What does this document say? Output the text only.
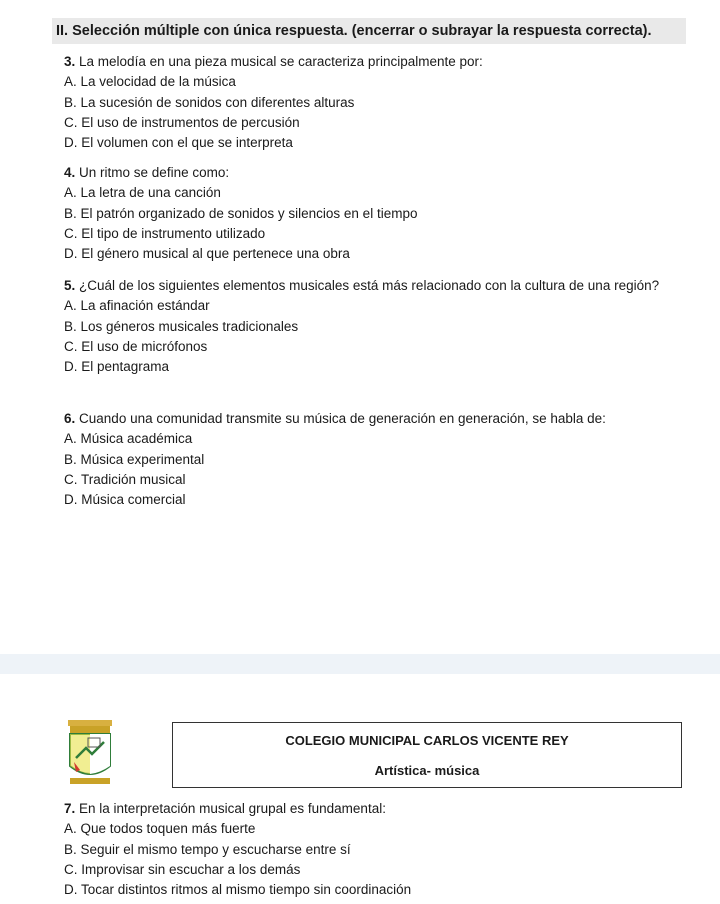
II. Selección múltiple con única respuesta. (encerrar o subrayar la respuesta correcta).
3. La melodía en una pieza musical se caracteriza principalmente por:
A. La velocidad de la música
B. La sucesión de sonidos con diferentes alturas
C. El uso de instrumentos de percusión
D. El volumen con el que se interpreta
4. Un ritmo se define como:
A. La letra de una canción
B. El patrón organizado de sonidos y silencios en el tiempo
C. El tipo de instrumento utilizado
D. El género musical al que pertenece una obra
5. ¿Cuál de los siguientes elementos musicales está más relacionado con la cultura de una región?
A. La afinación estándar
B. Los géneros musicales tradicionales
C. El uso de micrófonos
D. El pentagrama
6. Cuando una comunidad transmite su música de generación en generación, se habla de:
A. Música académica
B. Música experimental
C. Tradición musical
D. Música comercial
COLEGIO MUNICIPAL CARLOS VICENTE REY
Artística- música
7. En la interpretación musical grupal es fundamental:
A. Que todos toquen más fuerte
B. Seguir el mismo tempo y escucharse entre sí
C. Improvisar sin escuchar a los demás
D. Tocar distintos ritmos al mismo tiempo sin coordinación
